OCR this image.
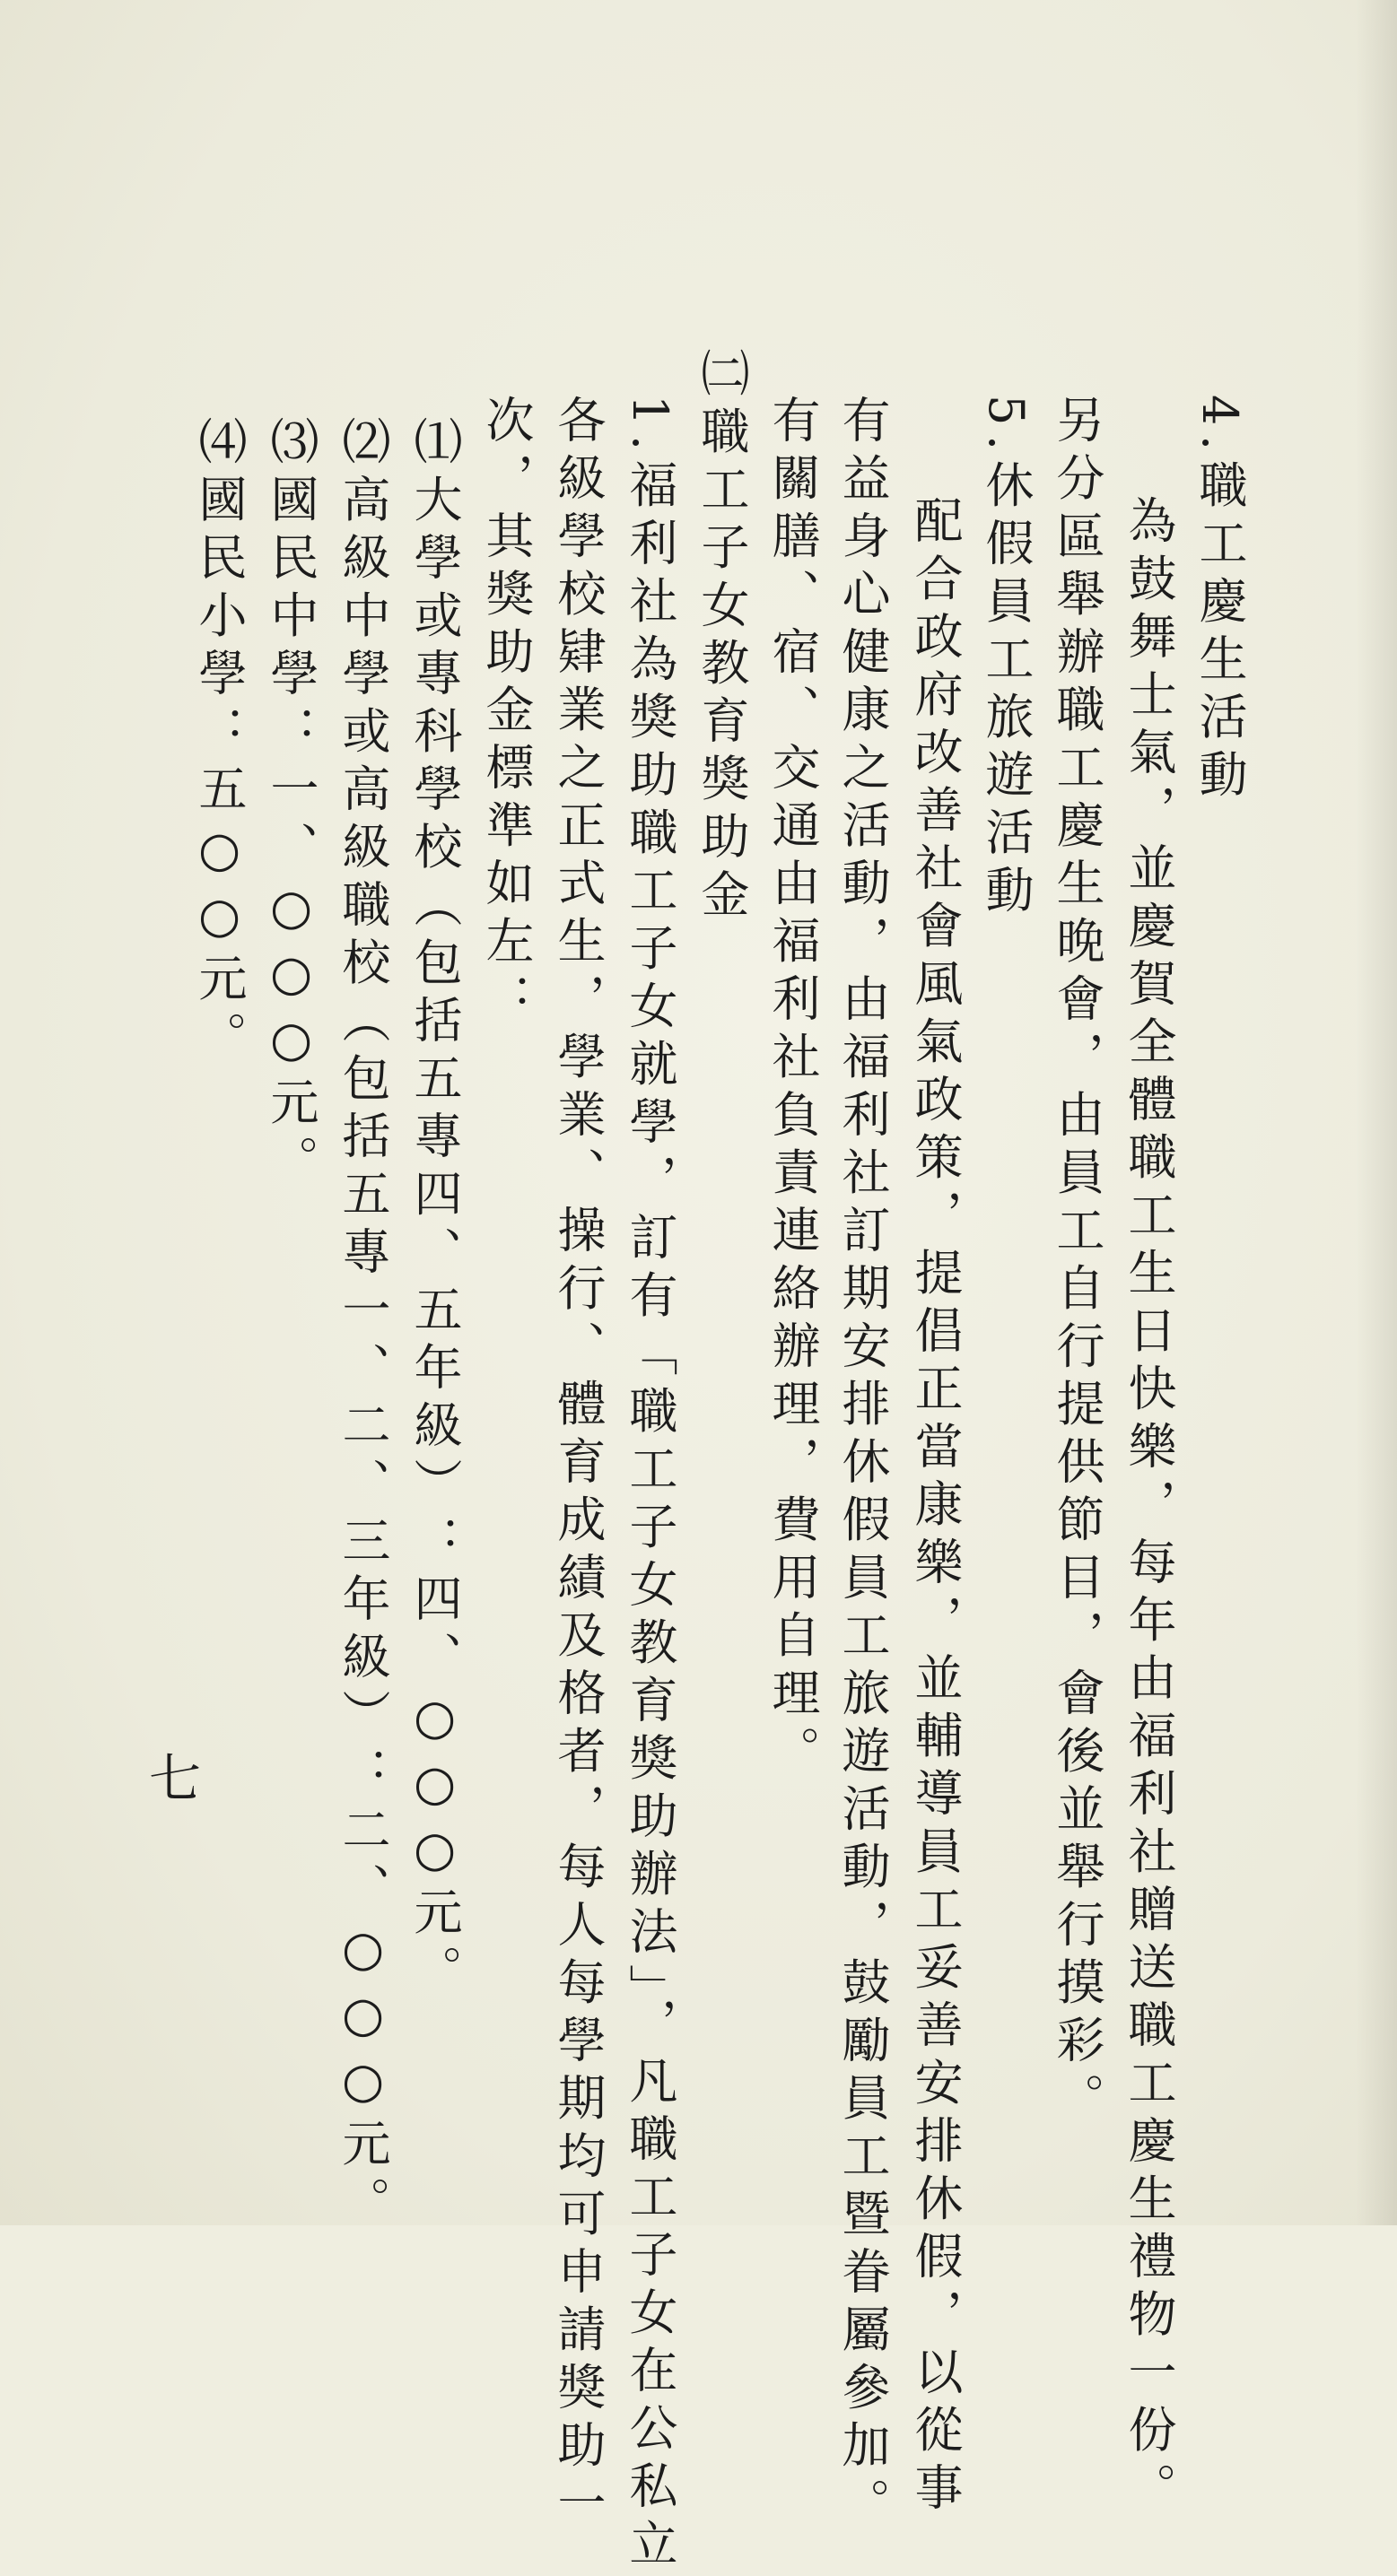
4.職工慶生活動
為鼓舞士氣，並慶賀全體職工生日快樂，每年由福利社贈送職工慶生禮物一份。
另分區舉辦職工慶生晚會，由員工自行提供節目，會後並舉行摸彩。
5.休假員工旅遊活動
配合政府改善社會風氣政策，提倡正當康樂，並輔導員工妥善安排休假，以從事
有益身心健康之活動，由福利社訂期安排休假員工旅遊活動，鼓勵員工暨眷屬參加。
有關膳、宿、交通由福利社負責連絡辦理，費用自理。
㈡職工子女教育獎助金
1.福利社為獎助職工子女就學，訂有「職工子女教育獎助辦法」，凡職工子女在公私立
各級學校肄業之正式生，學業、操行、體育成績及格者，每人每學期均可申請獎助一
次，其獎助金標準如左：
⑴大學或專科學校（包括五專四、五年級）：四、○○○元。
⑵高級中學或高級職校（包括五專一、二、三年級）：二、○○○元。
⑶國民中學：一、○○○元。
⑷國民小學：五○○元。
七
